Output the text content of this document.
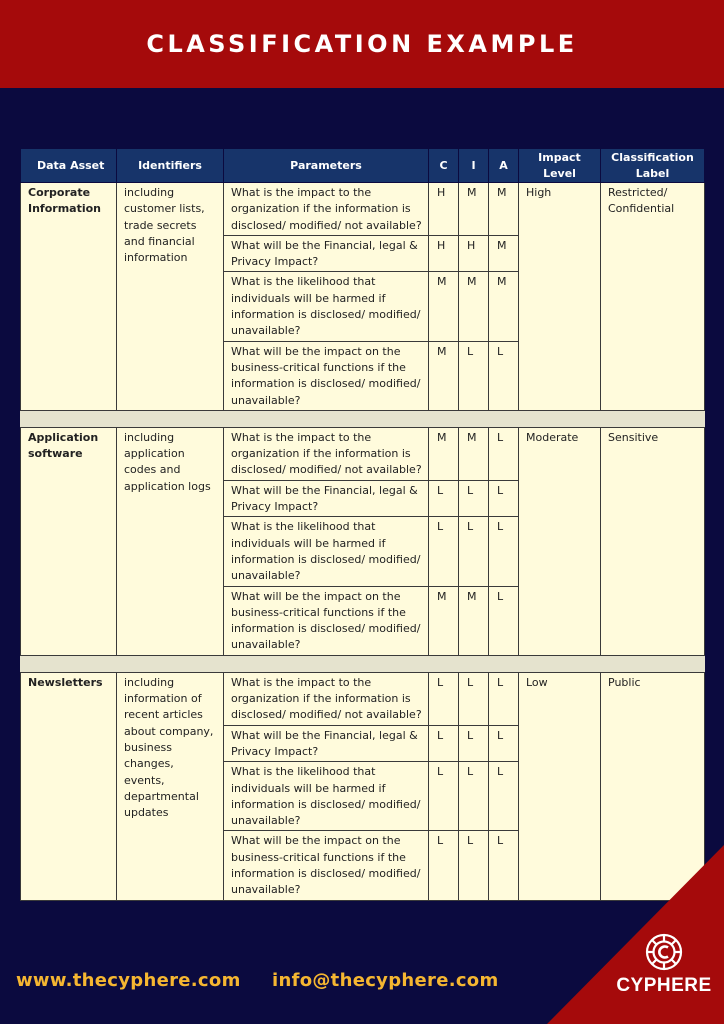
CLASSIFICATION EXAMPLE
Data Asset	Identifiers	Parameters	C	I	A	Impact Level	Classification Label
Corporate Information	including customer lists, trade secrets and financial information	What is the impact to the organization if the information is disclosed/ modified/ not available?	H	M	M	High	Restricted/ Confidential
		What will be the Financial, legal & Privacy Impact?	H	H	M		
		What is the likelihood that individuals will be harmed if information is disclosed/ modified/ unavailable?	M	M	M		
		What will be the impact on the business-critical functions if the information is disclosed/ modified/ unavailable?	M	L	L		

Application software	including application codes and application logs	What is the impact to the organization if the information is disclosed/ modified/ not available?	M	M	L	Moderate	Sensitive
		What will be the Financial, legal & Privacy Impact?	L	L	L		
		What is the likelihood that individuals will be harmed if information is disclosed/ modified/ unavailable?	L	L	L		
		What will be the impact on the business-critical functions if the information is disclosed/ modified/ unavailable?	M	M	L		

Newsletters	including information of recent articles about company, business changes, events, departmental updates	What is the impact to the organization if the information is disclosed/ modified/ not available?	L	L	L	Low	Public
		What will be the Financial, legal & Privacy Impact?	L	L	L		
		What is the likelihood that individuals will be harmed if information is disclosed/ modified/ unavailable?	L	L	L		
		What will be the impact on the business-critical functions if the information is disclosed/ modified/ unavailable?	L	L	L		
CYPHERE
www.thecyphere.com info@thecyphere.com
